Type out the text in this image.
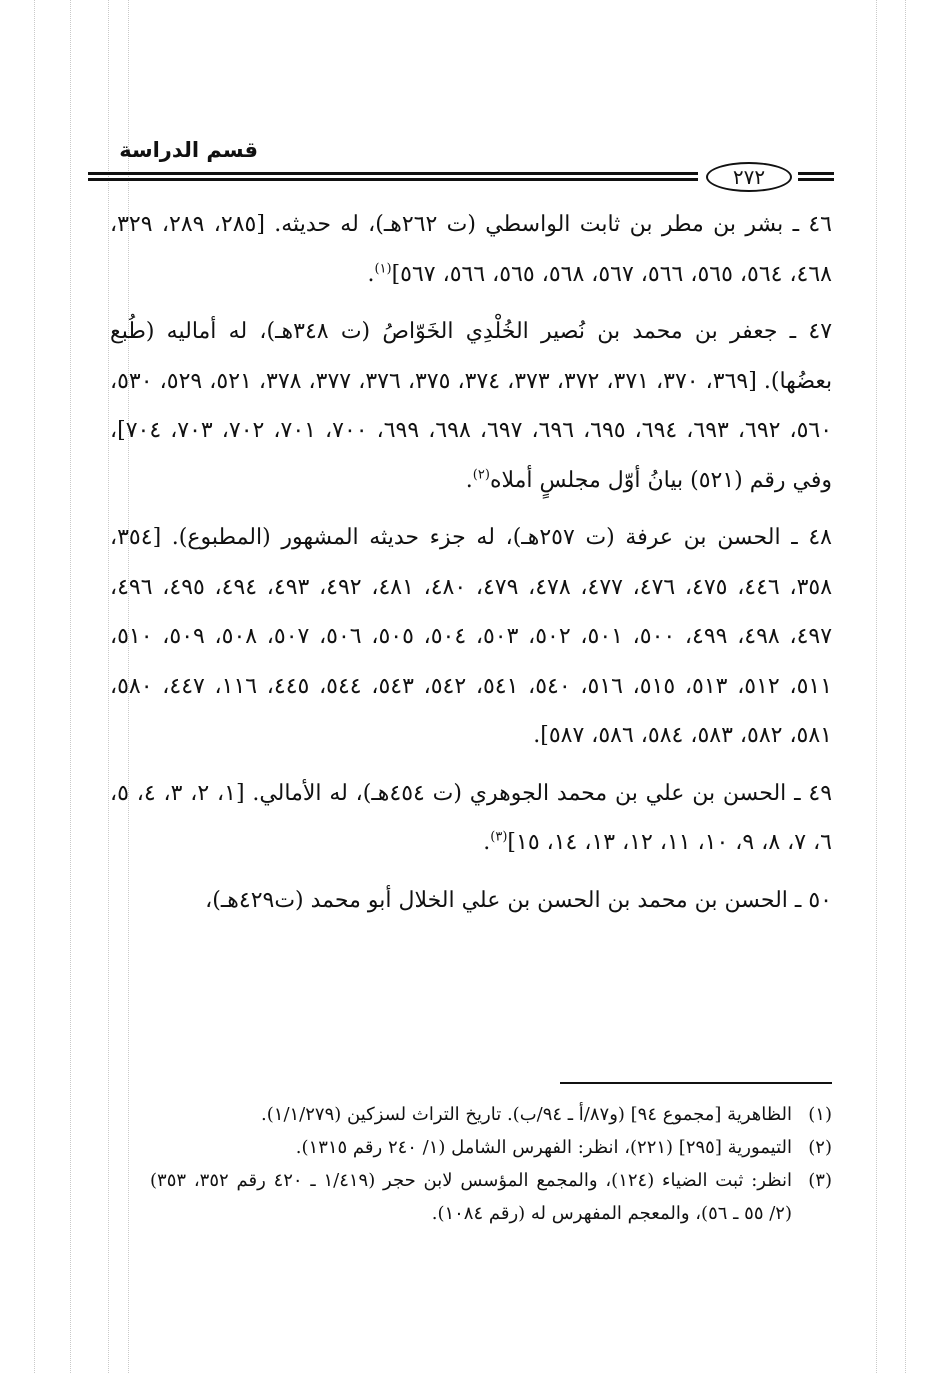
قسم الدراسة
٢٧٢

٤٦ ـ بشر بن مطر بن ثابت الواسطي (ت ٢٦٢هـ)، له حديثه. [٢٨٥، ٢٨٩، ٣٢٩، ٤٦٨، ٥٦٤، ٥٦٥، ٥٦٦، ٥٦٧، ٥٦٨، ٥٦٥، ٥٦٦، ٥٦٧]$^{(١)}$.

٤٧ ـ جعفر بن محمد بن نُصير الخُلْدِي الخَوّاصُ (ت ٣٤٨هـ)، له أماليه (طُبع بعضُها). [٣٦٩، ٣٧٠، ٣٧١، ٣٧٢، ٣٧٣، ٣٧٤، ٣٧٥، ٣٧٦، ٣٧٧، ٣٧٨، ٥٢١، ٥٢٩، ٥٣٠، ٥٦٠، ٦٩٢، ٦٩٣، ٦٩٤، ٦٩٥، ٦٩٦، ٦٩٧، ٦٩٨، ٦٩٩، ٧٠٠، ٧٠١، ٧٠٢، ٧٠٣، ٧٠٤]، وفي رقم (٥٢١) بيانُ أوّل مجلسٍ أملاه$^{(٢)}$.

٤٨ ـ الحسن بن عرفة (ت ٢٥٧هـ)، له جزء حديثه المشهور (المطبوع). [٣٥٤، ٣٥٨، ٤٤٦، ٤٧٥، ٤٧٦، ٤٧٧، ٤٧٨، ٤٧٩، ٤٨٠، ٤٨١، ٤٩٢، ٤٩٣، ٤٩٤، ٤٩٥، ٤٩٦، ٤٩٧، ٤٩٨، ٤٩٩، ٥٠٠، ٥٠١، ٥٠٢، ٥٠٣، ٥٠٤، ٥٠٥، ٥٠٦، ٥٠٧، ٥٠٨، ٥٠٩، ٥١٠، ٥١١، ٥١٢، ٥١٣، ٥١٥، ٥١٦، ٥٤٠، ٥٤١، ٥٤٢، ٥٤٣، ٥٤٤، ٤٤٥، ١١٦، ٤٤٧، ٥٨٠، ٥٨١، ٥٨٢، ٥٨٣، ٥٨٤، ٥٨٦، ٥٨٧].

٤٩ ـ الحسن بن علي بن محمد الجوهري (ت ٤٥٤هـ)، له الأمالي. [١، ٢، ٣، ٤، ٥، ٦، ٧، ٨، ٩، ١٠، ١١، ١٢، ١٣، ١٤، ١٥]$^{(٣)}$.

٥٠ ـ الحسن بن محمد بن الحسن بن علي الخلال أبو محمد (ت٤٢٩هـ)،

(١)
الظاهرية [مجموع ٩٤] (و٨٧/أ ـ ٩٤/ب). تاريخ التراث لسزكين (١/١/٢٧٩).
(٢)
التيمورية [٢٩٥] (٢٢١)، انظر: الفهرس الشامل (١/ ٢٤٠ رقم ١٣١٥).
(٣)
انظر: ثبت الضياء (١٢٤)، والمجمع المؤسس لابن حجر (١/٤١٩ ـ ٤٢٠ رقم ٣٥٢، ٣٥٣) (٢/ ٥٥ ـ ٥٦)، والمعجم المفهرس له (رقم ١٠٨٤).
